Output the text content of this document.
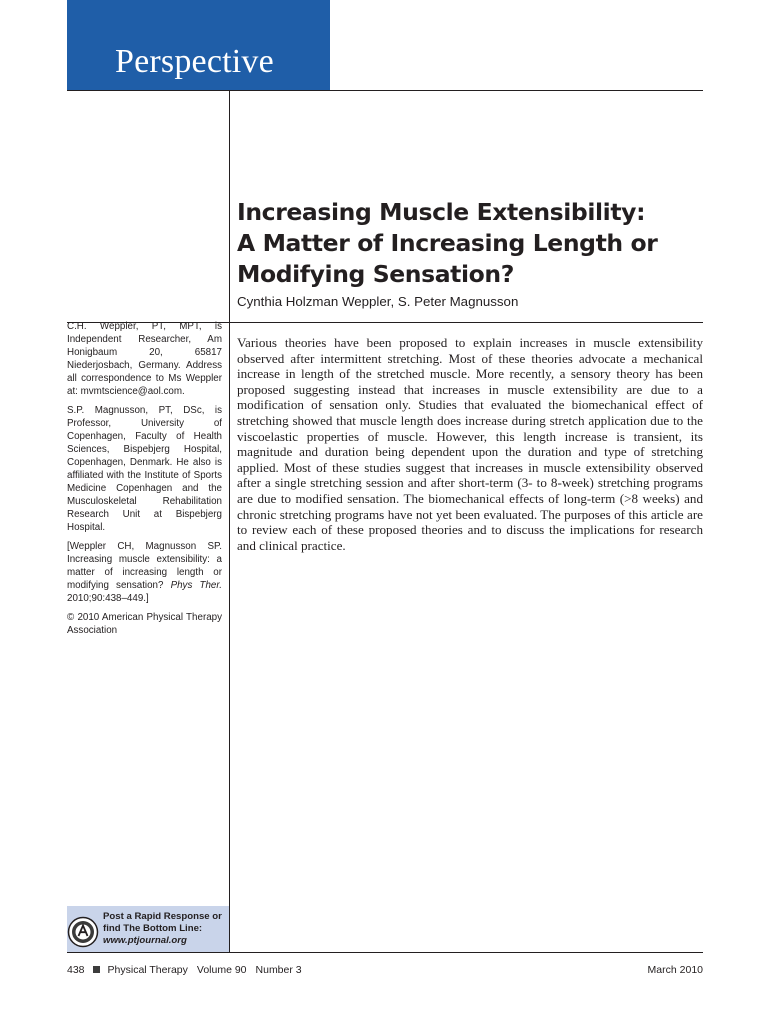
Perspective
Increasing Muscle Extensibility:
A Matter of Increasing Length or
Modifying Sensation?
Cynthia Holzman Weppler, S. Peter Magnusson

Various theories have been proposed to explain increases in muscle extensibility observed after intermittent stretching. Most of these theories advocate a mechanical increase in length of the stretched muscle. More recently, a sensory theory has been proposed suggesting instead that increases in muscle extensibility are due to a modification of sensation only. Studies that evaluated the biomechanical effect of stretching showed that muscle length does increase during stretch application due to the viscoelastic properties of muscle. However, this length increase is transient, its magnitude and duration being dependent upon the duration and type of stretching applied. Most of these studies suggest that increases in muscle extensibility observed after a single stretching session and after short-term (3- to 8-week) stretching programs are due to modified sensation. The biomechanical effects of long-term (>8 weeks) and chronic stretching programs have not yet been evaluated. The purposes of this article are to review each of these proposed theories and to discuss the implications for research and clinical practice.

C.H. Weppler, PT, MPT, is Independent Researcher, Am Honigbaum 20, 65817 Niederjosbach, Germany. Address all correspondence to Ms Weppler at: mvmtscience@aol.com.

S.P. Magnusson, PT, DSc, is Professor, University of Copenhagen, Faculty of Health Sciences, Bispebjerg Hospital, Copenhagen, Denmark. He also is affiliated with the Institute of Sports Medicine Copenhagen and the Musculoskeletal Rehabilitation Research Unit at Bispebjerg Hospital.

[Weppler CH, Magnusson SP. Increasing muscle extensibility: a matter of increasing length or modifying sensation? Phys Ther. 2010;90:438–449.]

© 2010 American Physical Therapy Association

Post a Rapid Response or
find The Bottom Line:
www.ptjournal.org
438 Physical Therapy Volume 90 Number 3	March 2010
